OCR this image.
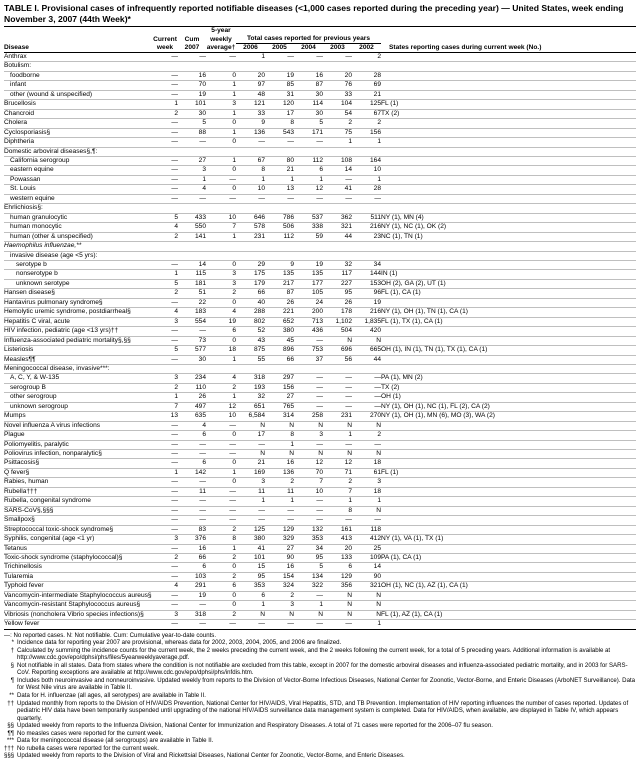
TABLE I. Provisional cases of infrequently reported notifiable diseases (<1,000 cases reported during the preceding year) — United States, week ending November 3, 2007 (44th Week)*
			5-year						
	Current	Cum	weekly	Total cases reported for previous years					
Disease	week	2007	average†	2006	2005	2004	2003	2002	States reporting cases during current week (No.)
Anthrax	—	—	—	1	—	—	—	2	
Botulism:									
foodborne	—	16	0	20	19	16	20	28	
infant	—	70	1	97	85	87	76	69	
other (wound & unspecified)	—	19	1	48	31	30	33	21	
Brucellosis	1	101	3	121	120	114	104	125	FL (1)
Chancroid	2	30	1	33	17	30	54	67	TX (2)
Cholera	—	5	0	9	8	5	2	2	
Cyclosporiasis§	—	88	1	136	543	171	75	156	
Diphtheria	—	—	0	—	—	—	1	1	
Domestic arboviral diseases§,¶:									
California serogroup	—	27	1	67	80	112	108	164	
eastern equine	—	3	0	8	21	6	14	10	
Powassan	—	1	—	1	1	1	—	1	
St. Louis	—	4	0	10	13	12	41	28	
western equine	—	—	—	—	—	—	—	—	
Ehrlichiosis§:									
human granulocytic	5	433	10	646	786	537	362	511	NY (1), MN (4)
human monocytic	4	550	7	578	506	338	321	216	NY (1), NC (1), OK (2)
human (other & unspecified)	2	141	1	231	112	59	44	23	NC (1), TN (1)
Haemophilus influenzae,**									
invasive disease (age <5 yrs):									
serotype b	—	14	0	29	9	19	32	34	
nonserotype b	1	115	3	175	135	135	117	144	IN (1)
unknown serotype	5	181	3	179	217	177	227	153	OH (2), GA (2), UT (1)
Hansen disease§	2	51	2	66	87	105	95	96	FL (1), CA (1)
Hantavirus pulmonary syndrome§	—	22	0	40	26	24	26	19	
Hemolytic uremic syndrome, postdiarrheal§	4	183	4	288	221	200	178	216	NY (1), OH (1), TN (1), CA (1)
Hepatitis C viral, acute	3	554	19	802	652	713	1,102	1,835	FL (1), TX (1), CA (1)
HIV infection, pediatric (age <13 yrs)††	—	—	6	52	380	436	504	420	
Influenza-associated pediatric mortality§,§§	—	73	0	43	45	—	N	N	
Listeriosis	5	577	18	875	896	753	696	665	OH (1), IN (1), TN (1), TX (1), CA (1)
Measles¶¶	—	30	1	55	66	37	56	44	
Meningococcal disease, invasive***:									
A, C, Y, & W-135	3	234	4	318	297	—	—	—	PA (1), MN (2)
serogroup B	2	110	2	193	156	—	—	—	TX (2)
other serogroup	1	26	1	32	27	—	—	—	OH (1)
unknown serogroup	7	497	12	651	765	—	—	—	NY (1), OH (1), NC (1), FL (2), CA (2)
Mumps	13	635	10	6,584	314	258	231	270	NY (1), OH (1), MN (6), MO (3), WA (2)
Novel influenza A virus infections	—	4	—	N	N	N	N	N	
Plague	—	6	0	17	8	3	1	2	
Poliomyelitis, paralytic	—	—	—	—	1	—	—	—	
Poliovirus infection, nonparalytic§	—	—	—	N	N	N	N	N	
Psittacosis§	—	6	0	21	16	12	12	18	
Q fever§	1	142	1	169	136	70	71	61	FL (1)
Rabies, human	—	—	0	3	2	7	2	3	
Rubella†††	—	11	—	11	11	10	7	18	
Rubella, congenital syndrome	—	—	—	1	1	—	1	1	
SARS-CoV§,§§§	—	—	—	—	—	—	8	N	
Smallpox§	—	—	—	—	—	—	—	—	
Streptococcal toxic-shock syndrome§	—	83	2	125	129	132	161	118	
Syphilis, congenital (age <1 yr)	3	376	8	380	329	353	413	412	NY (1), VA (1), TX (1)
Tetanus	—	16	1	41	27	34	20	25	
Toxic-shock syndrome (staphylococcal)§	2	66	2	101	90	95	133	109	PA (1), CA (1)
Trichinellosis	—	6	0	15	16	5	6	14	
Tularemia	—	103	2	95	154	134	129	90	
Typhoid fever	4	291	6	353	324	322	356	321	OH (1), NC (1), AZ (1), CA (1)
Vancomycin-intermediate Staphylococcus aureus§	—	19	0	6	2	—	N	N	
Vancomycin-resistant Staphylococcus aureus§	—	—	0	1	3	1	N	N	
Vibriosis (noncholera Vibrio species infections)§	3	318	2	N	N	N	N	N	FL (1), AZ (1), CA (1)
Yellow fever	—	—	—	—	—	—	—	1	
—: No reported cases. N: Not notifiable. Cum: Cumulative year-to-date counts.
* Incidence data for reporting year 2007 are provisional, whereas data for 2002, 2003, 2004, 2005, and 2006 are finalized.
† Calculated by summing the incidence counts for the current week, the 2 weeks preceding the current week, and the 2 weeks following the current week, for a total of 5 preceding years. Additional information is available at http://www.cdc.gov/epo/dphsi/phs/files/5yearweeklyaverage.pdf.
§ Not notifiable in all states. Data from states where the condition is not notifiable are excluded from this table, except in 2007 for the domestic arboviral diseases and influenza-associated pediatric mortality, and in 2003 for SARS-CoV. Reporting exceptions are available at http://www.cdc.gov/epo/dphsi/phs/infdis.htm.
¶ Includes both neuroinvasive and nonneuroinvasive. Updated weekly from reports to the Division of Vector-Borne Infectious Diseases, National Center for Zoonotic, Vector-Borne, and Enteric Diseases (ArboNET Surveillance). Data for West Nile virus are available in Table II.
** Data for H. influenzae (all ages, all serotypes) are available in Table II.
†† Updated monthly from reports to the Division of HIV/AIDS Prevention, National Center for HIV/AIDS, Viral Hepatitis, STD, and TB Prevention. Implementation of HIV reporting influences the number of cases reported. Updates of pediatric HIV data have been temporarily suspended until upgrading of the national HIV/AIDS surveillance data management system is completed. Data for HIV/AIDS, when available, are displayed in Table IV, which appears quarterly.
§§ Updated weekly from reports to the Influenza Division, National Center for Immunization and Respiratory Diseases. A total of 71 cases were reported for the 2006–07 flu season.
¶¶ No measles cases were reported for the current week.
*** Data for meningococcal disease (all serogroups) are available in Table II.
††† No rubella cases were reported for the current week.
§§§ Updated weekly from reports to the Division of Viral and Rickettsial Diseases, National Center for Zoonotic, Vector-Borne, and Enteric Diseases.
